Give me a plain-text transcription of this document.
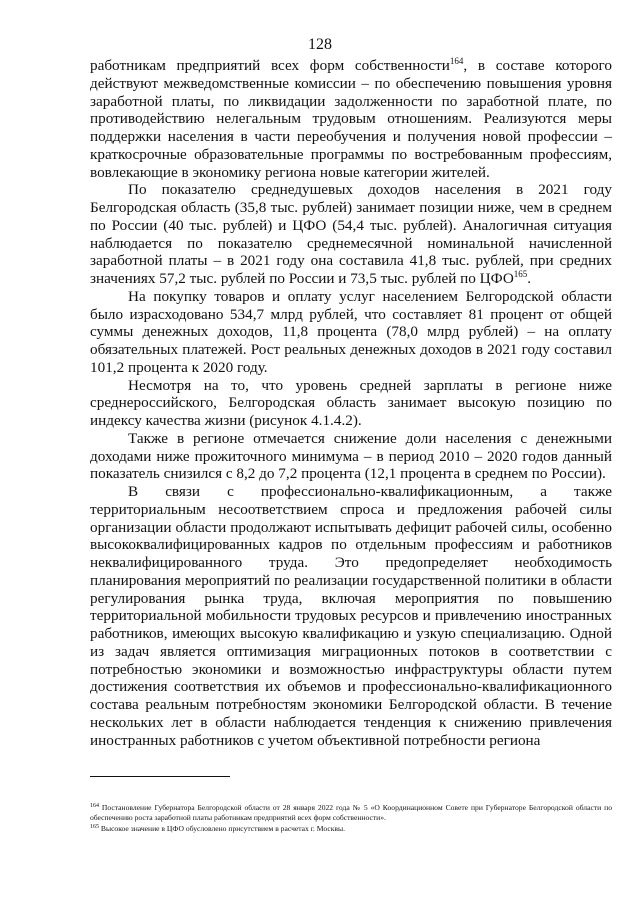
128

работникам предприятий всех форм собственности$^{164}$, в составе которого действуют межведомственные комиссии – по обеспечению повышения уровня заработной платы, по ликвидации задолженности по заработной плате, по противодействию нелегальным трудовым отношениям. Реализуются меры поддержки населения в части переобучения и получения новой профессии – краткосрочные образовательные программы по востребованным профессиям, вовлекающие в экономику региона новые категории жителей.

По показателю среднедушевых доходов населения в 2021 году Белгородская область (35,8 тыс. рублей) занимает позиции ниже, чем в среднем по России (40 тыс. рублей) и ЦФО (54,4 тыс. рублей). Аналогичная ситуация наблюдается по показателю среднемесячной номинальной начисленной заработной платы – в 2021 году она составила 41,8 тыс. рублей, при средних значениях 57,2 тыс. рублей по России и 73,5 тыс. рублей по ЦФО$^{165}$.

На покупку товаров и оплату услуг населением Белгородской области было израсходовано 534,7 млрд рублей, что составляет 81 процент от общей суммы денежных доходов, 11,8 процента (78,0 млрд рублей) – на оплату обязательных платежей. Рост реальных денежных доходов в 2021 году составил 101,2 процента к 2020 году.

Несмотря на то, что уровень средней зарплаты в регионе ниже среднероссийского, Белгородская область занимает высокую позицию по индексу качества жизни (рисунок 4.1.4.2).

Также в регионе отмечается снижение доли населения с денежными доходами ниже прожиточного минимума – в период 2010 – 2020 годов данный показатель снизился с 8,2 до 7,2 процента (12,1 процента в среднем по России).

В связи с профессионально-квалификационным, а также территориальным несоответствием спроса и предложения рабочей силы организации области продолжают испытывать дефицит рабочей силы, особенно высококвалифицированных кадров по отдельным профессиям и работников неквалифицированного труда. Это предопределяет необходимость планирования мероприятий по реализации государственной политики в области регулирования рынка труда, включая мероприятия по повышению территориальной мобильности трудовых ресурсов и привлечению иностранных работников, имеющих высокую квалификацию и узкую специализацию. Одной из задач является оптимизация миграционных потоков в соответствии с потребностью экономики и возможностью инфраструктуры области путем достижения соответствия их объемов и профессионально-квалификационного состава реальным потребностям экономики Белгородской области. В течение нескольких лет в области наблюдается тенденция к снижению привлечения иностранных работников с учетом объективной потребности региона

$^{164}$ Постановление Губернатора Белгородской области от 28 января 2022 года № 5 «О Координационном Совете при Губернаторе Белгородской области по обеспечению роста заработной платы работникам предприятий всех форм собственности».

$^{165}$ Высокое значение в ЦФО обусловлено присутствием в расчетах г. Москвы.
